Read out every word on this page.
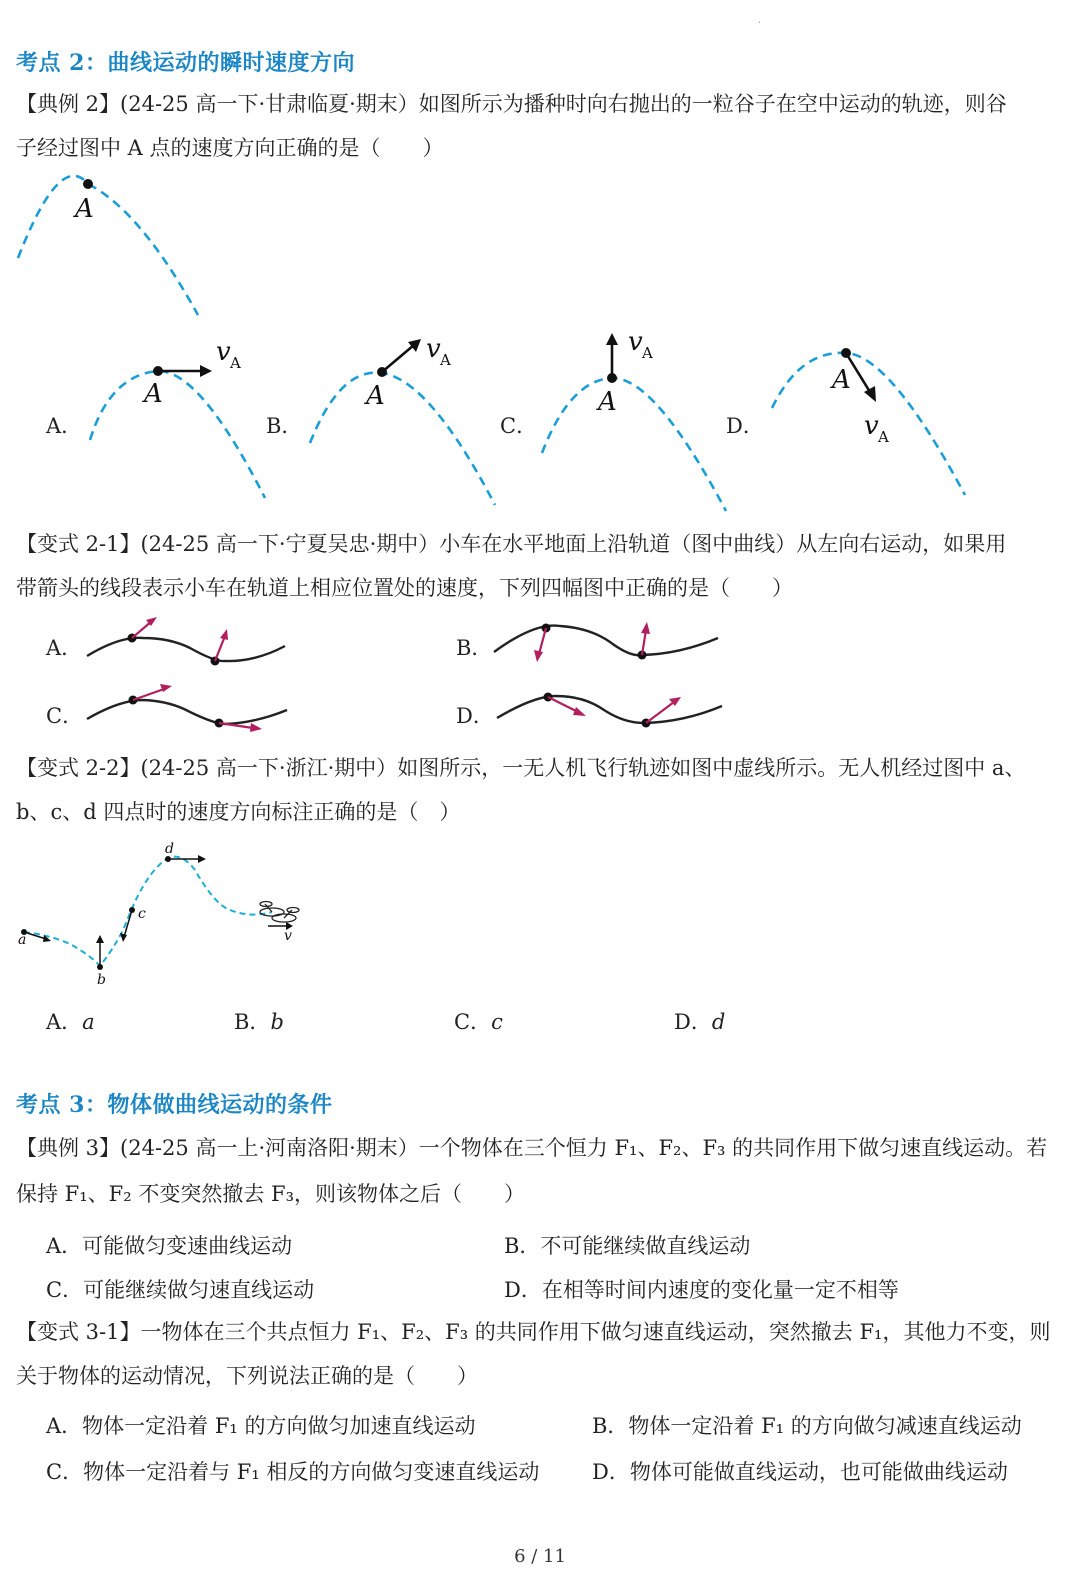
·
考点 2：曲线运动的瞬时速度方向
【典例 2】(24-25 高一下·甘肃临夏·期末）如图所示为播种时向右抛出的一粒谷子在空中运动的轨迹，则谷
子经过图中 A 点的速度方向正确的是（　　）
A
A．
A
v A
B．
A
v A
C．
A
v A
D．
A
v A
【变式 2-1】(24-25 高一下·宁夏吴忠·期中）小车在水平地面上沿轨道（图中曲线）从左向右运动，如果用
带箭头的线段表示小车在轨道上相应位置处的速度，下列四幅图中正确的是（　　）
A．	B．
C．	D．
【变式 2-2】(24-25 高一下·浙江·期中）如图所示，一无人机飞行轨迹如图中虚线所示。无人机经过图中 a、
b、c、d 四点时的速度方向标注正确的是（　）
a
b
c
d
v
A．a	B．b	C．c	D．d
考点 3：物体做曲线运动的条件
【典例 3】(24-25 高一上·河南洛阳·期末）一个物体在三个恒力 F₁、F₂、F₃ 的共同作用下做匀速直线运动。若
保持 F₁、F₂ 不变突然撤去 F₃，则该物体之后（　　）
A．可能做匀变速曲线运动	B．不可能继续做直线运动
C．可能继续做匀速直线运动	D．在相等时间内速度的变化量一定不相等
【变式 3-1】一物体在三个共点恒力 F₁、F₂、F₃ 的共同作用下做匀速直线运动，突然撤去 F₁，其他力不变，则
关于物体的运动情况，下列说法正确的是（　　）
A．物体一定沿着 F₁ 的方向做匀加速直线运动	B．物体一定沿着 F₁ 的方向做匀减速直线运动
C．物体一定沿着与 F₁ 相反的方向做匀变速直线运动	D．物体可能做直线运动，也可能做曲线运动
6 / 11
